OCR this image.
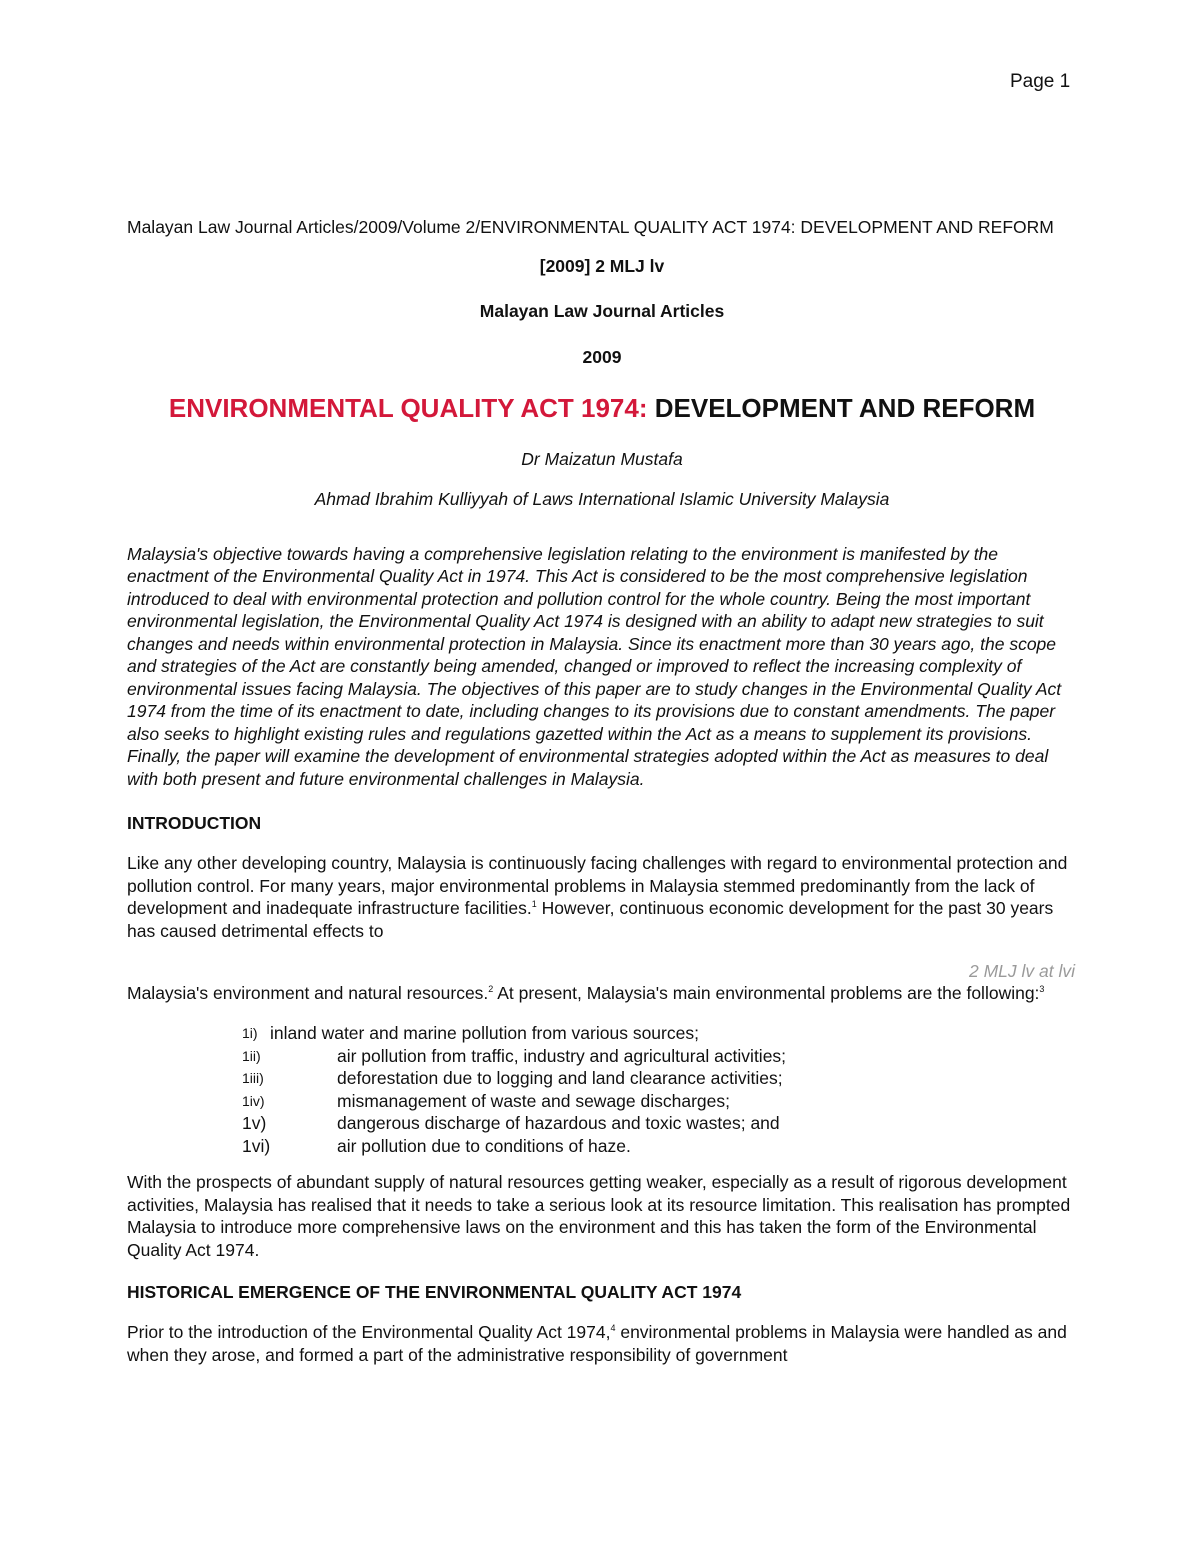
Page 1

Malayan Law Journal Articles/2009/Volume 2/ENVIRONMENTAL QUALITY ACT 1974: DEVELOPMENT AND REFORM

[2009] 2 MLJ lv

Malayan Law Journal Articles

2009

ENVIRONMENTAL QUALITY ACT 1974: DEVELOPMENT AND REFORM

Dr Maizatun Mustafa

Ahmad Ibrahim Kulliyyah of Laws International Islamic University Malaysia

Malaysia's objective towards having a comprehensive legislation relating to the environment is manifested by the enactment of the Environmental Quality Act in 1974. This Act is considered to be the most comprehensive legislation introduced to deal with environmental protection and pollution control for the whole country. Being the most important environmental legislation, the Environmental Quality Act 1974 is designed with an ability to adapt new strategies to suit changes and needs within environmental protection in Malaysia. Since its enactment more than 30 years ago, the scope and strategies of the Act are constantly being amended, changed or improved to reflect the increasing complexity of environmental issues facing Malaysia. The objectives of this paper are to study changes in the Environmental Quality Act 1974 from the time of its enactment to date, including changes to its provisions due to constant amendments. The paper also seeks to highlight existing rules and regulations gazetted within the Act as a means to supplement its provisions. Finally, the paper will examine the development of environmental strategies adopted within the Act as measures to deal with both present and future environmental challenges in Malaysia.

INTRODUCTION

Like any other developing country, Malaysia is continuously facing challenges with regard to environmental protection and pollution control. For many years, major environmental problems in Malaysia stemmed predominantly from the lack of development and inadequate infrastructure facilities.$^1$ However, continuous economic development for the past 30 years has caused detrimental effects to

2 MLJ lv at lvi

Malaysia's environment and natural resources.$^2$ At present, Malaysia's main environmental problems are the following:$^3$

1i) inland water and marine pollution from various sources;
1ii)	air pollution from traffic, industry and agricultural activities;
1iii)	deforestation due to logging and land clearance activities;
1iv)	mismanagement of waste and sewage discharges;
1v)	dangerous discharge of hazardous and toxic wastes; and
1vi)	air pollution due to conditions of haze.

With the prospects of abundant supply of natural resources getting weaker, especially as a result of rigorous development activities, Malaysia has realised that it needs to take a serious look at its resource limitation. This realisation has prompted Malaysia to introduce more comprehensive laws on the environment and this has taken the form of the Environmental Quality Act 1974.

HISTORICAL EMERGENCE OF THE ENVIRONMENTAL QUALITY ACT 1974

Prior to the introduction of the Environmental Quality Act 1974,$^4$ environmental problems in Malaysia were handled as and when they arose, and formed a part of the administrative responsibility of government
